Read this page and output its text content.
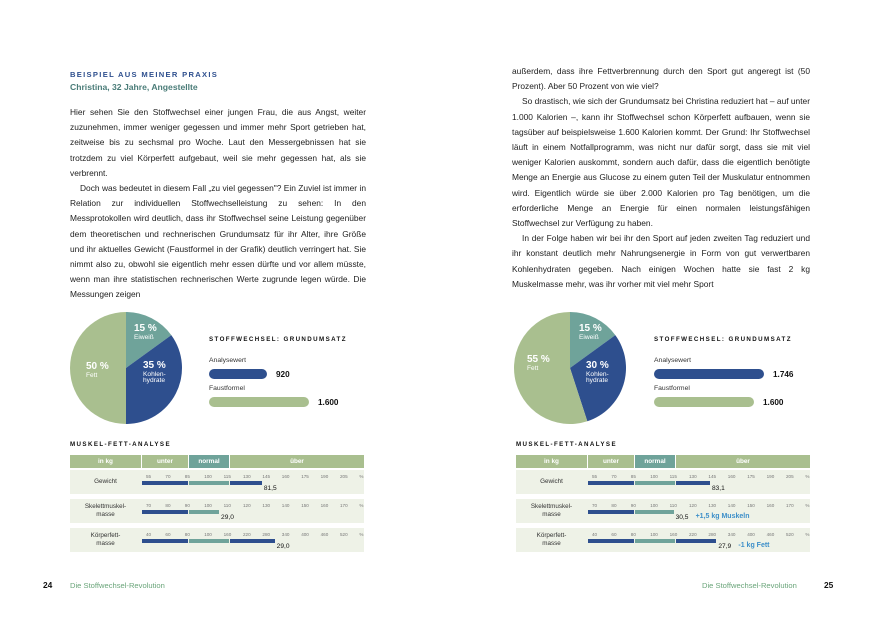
BEISPIEL AUS MEINER PRAXIS
Christina, 32 Jahre, Angestellte

Hier sehen Sie den Stoffwechsel einer jungen Frau, die aus Angst, weiter zuzunehmen, immer weniger gegessen und immer mehr Sport getrieben hat, zeitweise bis zu sechsmal pro Woche. Laut den Messergebnissen hat sie trotzdem zu viel Körperfett aufgebaut, weil sie mehr gegessen hat, als sie verbrennt.

Doch was bedeutet in diesem Fall „zu viel gegessen"? Ein Zuviel ist immer in Relation zur individuellen Stoffwechselleistung zu sehen: In den Messprotokollen wird deutlich, dass ihr Stoffwechsel seine Leistung gegenüber dem theoretischen und rechnerischen Grundumsatz für ihr Alter, ihre Größe und ihr aktuelles Gewicht (Faustformel in der Grafik) deutlich verringert hat. Sie nimmt also zu, obwohl sie eigentlich mehr essen dürfte und vor allem müsste, wenn man ihre statistischen rechnerischen Werte zugrunde legen würde. Die Messungen zeigen

15 %
Eiweiß
35 %
Kohlen-
hydrate
50 %
Fett
STOFFWECHSEL: GRUNDUMSATZ
Analysewert
920
Faustformel
1.600
MUSKEL-FETT-ANALYSE
in kg	unter	normal	über
Gewicht
55	70	85	100	115	130	145	160	175	190	205	%
81,5
Skelettmuskel-
masse
70	80	90	100	110	120	130	140	150	160	170	%
29,0
Körperfett-
masse
40	60	80	100	160	220	280	340	400	460	520	%
29,0
24 Die Stoffwechsel-Revolution

außerdem, dass ihre Fettverbrennung durch den Sport gut angeregt ist (50 Prozent). Aber 50 Prozent von wie viel?

So drastisch, wie sich der Grundumsatz bei Christina reduziert hat – auf unter 1.000 Kalorien –, kann ihr Stoffwechsel schon Körperfett aufbauen, wenn sie tagsüber auf beispielsweise 1.600 Kalorien kommt. Der Grund: Ihr Stoffwechsel läuft in einem Notfallprogramm, was nicht nur dafür sorgt, dass sie mit viel weniger Kalorien auskommt, sondern auch dafür, dass die eigentlich benötigte Menge an Energie aus Glucose zu einem guten Teil der Muskulatur entnommen wird. Eigentlich würde sie über 2.000 Kalorien pro Tag benötigen, um die erforderliche Menge an Energie für einen normalen leistungsfähigen Stoffwechsel zur Verfügung zu haben.

In der Folge haben wir bei ihr den Sport auf jeden zweiten Tag reduziert und ihr konstant deutlich mehr Nahrungsenergie in Form von gut verwertbaren Kohlenhydraten gegeben. Nach einigen Wochen hatte sie fast 2 kg Muskelmasse mehr, was ihr vorher mit viel mehr Sport

15 %
Eiweiß
30 %
Kohlen-
hydrate
55 %
Fett
STOFFWECHSEL: GRUNDUMSATZ
Analysewert
1.746
Faustformel
1.600
MUSKEL-FETT-ANALYSE
in kg	unter	normal	über
Gewicht
55	70	85	100	115	130	145	160	175	190	205	%
83,1
Skelettmuskel-
masse
70	80	90	100	110	120	130	140	150	160	170	%
30,5 +1,5 kg Muskeln
Körperfett-
masse
40	60	80	100	160	220	280	340	400	460	520	%
27,9 -1 kg Fett
Die Stoffwechsel-Revolution	25
